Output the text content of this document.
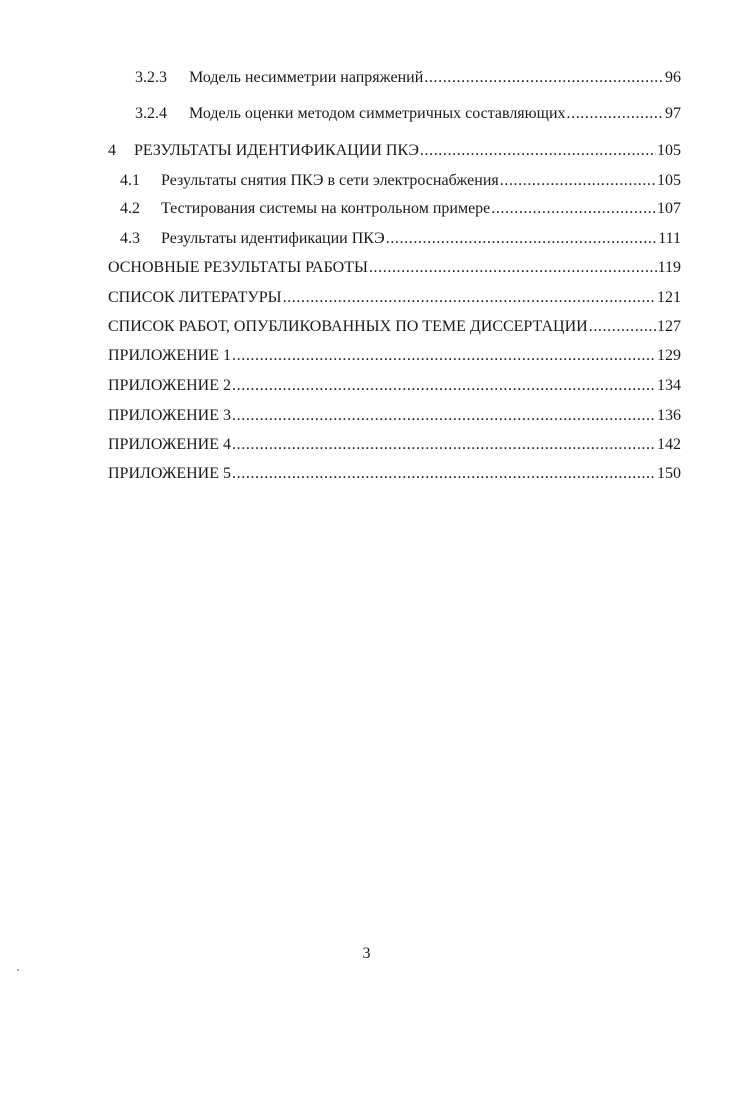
3.2.3	Модель несимметрии напряжений .....	96
3.2.4	Модель оценки методом симметричных составляющих .....	97
4	РЕЗУЛЬТАТЫ ИДЕНТИФИКАЦИИ ПКЭ .....	105
4.1	Результаты снятия ПКЭ в сети электроснабжения .....	105
4.2	Тестирования системы на контрольном примере .....	107
4.3	Результаты идентификации ПКЭ .....	111
ОСНОВНЫЕ РЕЗУЛЬТАТЫ РАБОТЫ .....	119
СПИСОК ЛИТЕРАТУРЫ .....	121
СПИСОК РАБОТ, ОПУБЛИКОВАННЫХ ПО ТЕМЕ ДИССЕРТАЦИИ .....	127
ПРИЛОЖЕНИЕ 1 .....	129
ПРИЛОЖЕНИЕ 2 .....	134
ПРИЛОЖЕНИЕ 3 .....	136
ПРИЛОЖЕНИЕ 4 .....	142
ПРИЛОЖЕНИЕ 5 .....	150
3
